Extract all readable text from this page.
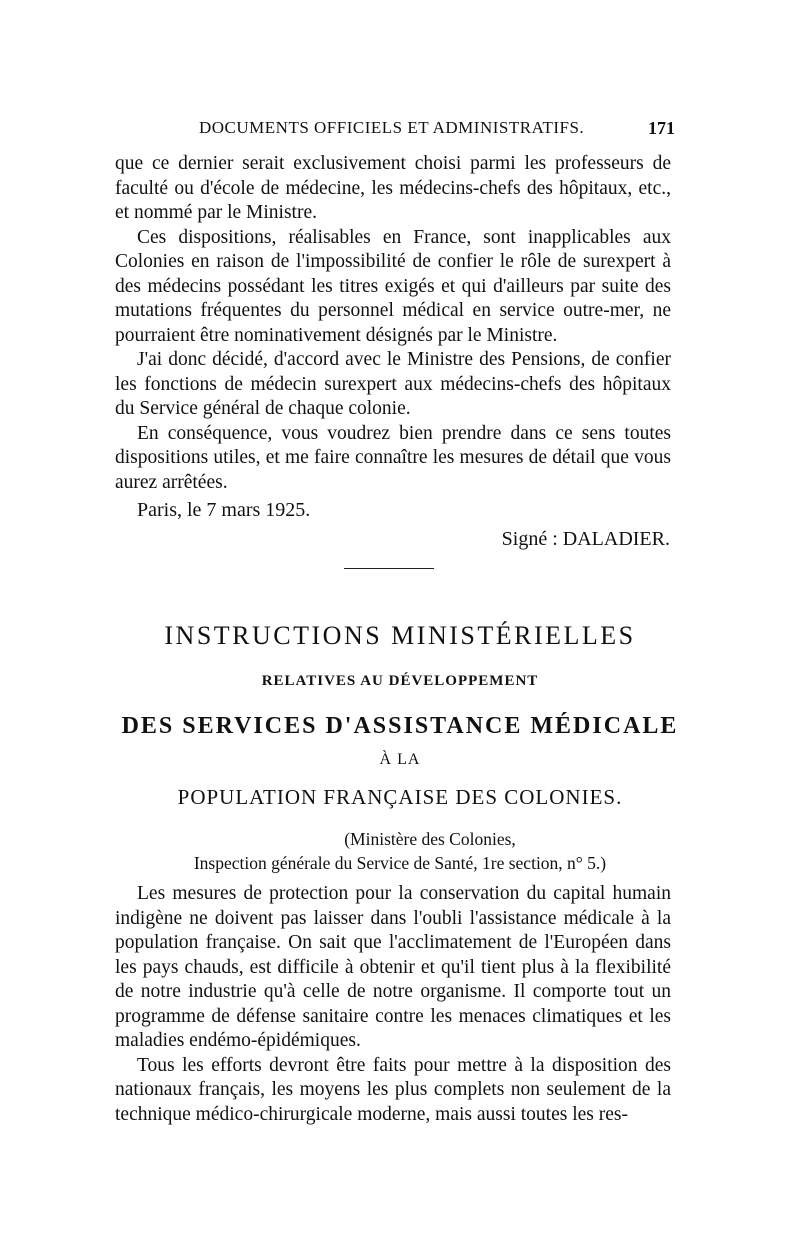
DOCUMENTS OFFICIELS ET ADMINISTRATIFS.	171

que ce dernier serait exclusivement choisi parmi les professeurs de faculté ou d'école de médecine, les médecins-chefs des hôpitaux, etc., et nommé par le Ministre.

Ces dispositions, réalisables en France, sont inapplicables aux Colonies en raison de l'impossibilité de confier le rôle de surexpert à des médecins possédant les titres exigés et qui d'ailleurs par suite des mutations fréquentes du personnel médical en service outre-mer, ne pourraient être nominativement désignés par le Ministre.

J'ai donc décidé, d'accord avec le Ministre des Pensions, de confier les fonctions de médecin surexpert aux médecins-chefs des hôpitaux du Service général de chaque colonie.

En conséquence, vous voudrez bien prendre dans ce sens toutes dispositions utiles, et me faire connaître les mesures de détail que vous aurez arrêtées.

Paris, le 7 mars 1925.
Signé : DALADIER.
INSTRUCTIONS MINISTÉRIELLES
RELATIVES AU DÉVELOPPEMENT
DES SERVICES D'ASSISTANCE MÉDICALE
À LA
POPULATION FRANÇAISE DES COLONIES.
(Ministère des Colonies,
Inspection générale du Service de Santé, 1re section, n° 5.)

Les mesures de protection pour la conservation du capital humain indigène ne doivent pas laisser dans l'oubli l'assistance médicale à la population française. On sait que l'acclimatement de l'Européen dans les pays chauds, est difficile à obtenir et qu'il tient plus à la flexibilité de notre industrie qu'à celle de notre organisme. Il comporte tout un programme de défense sanitaire contre les menaces climatiques et les maladies endémo-épidémiques.

Tous les efforts devront être faits pour mettre à la disposition des nationaux français, les moyens les plus complets non seulement de la technique médico-chirurgicale moderne, mais aussi toutes les res-
